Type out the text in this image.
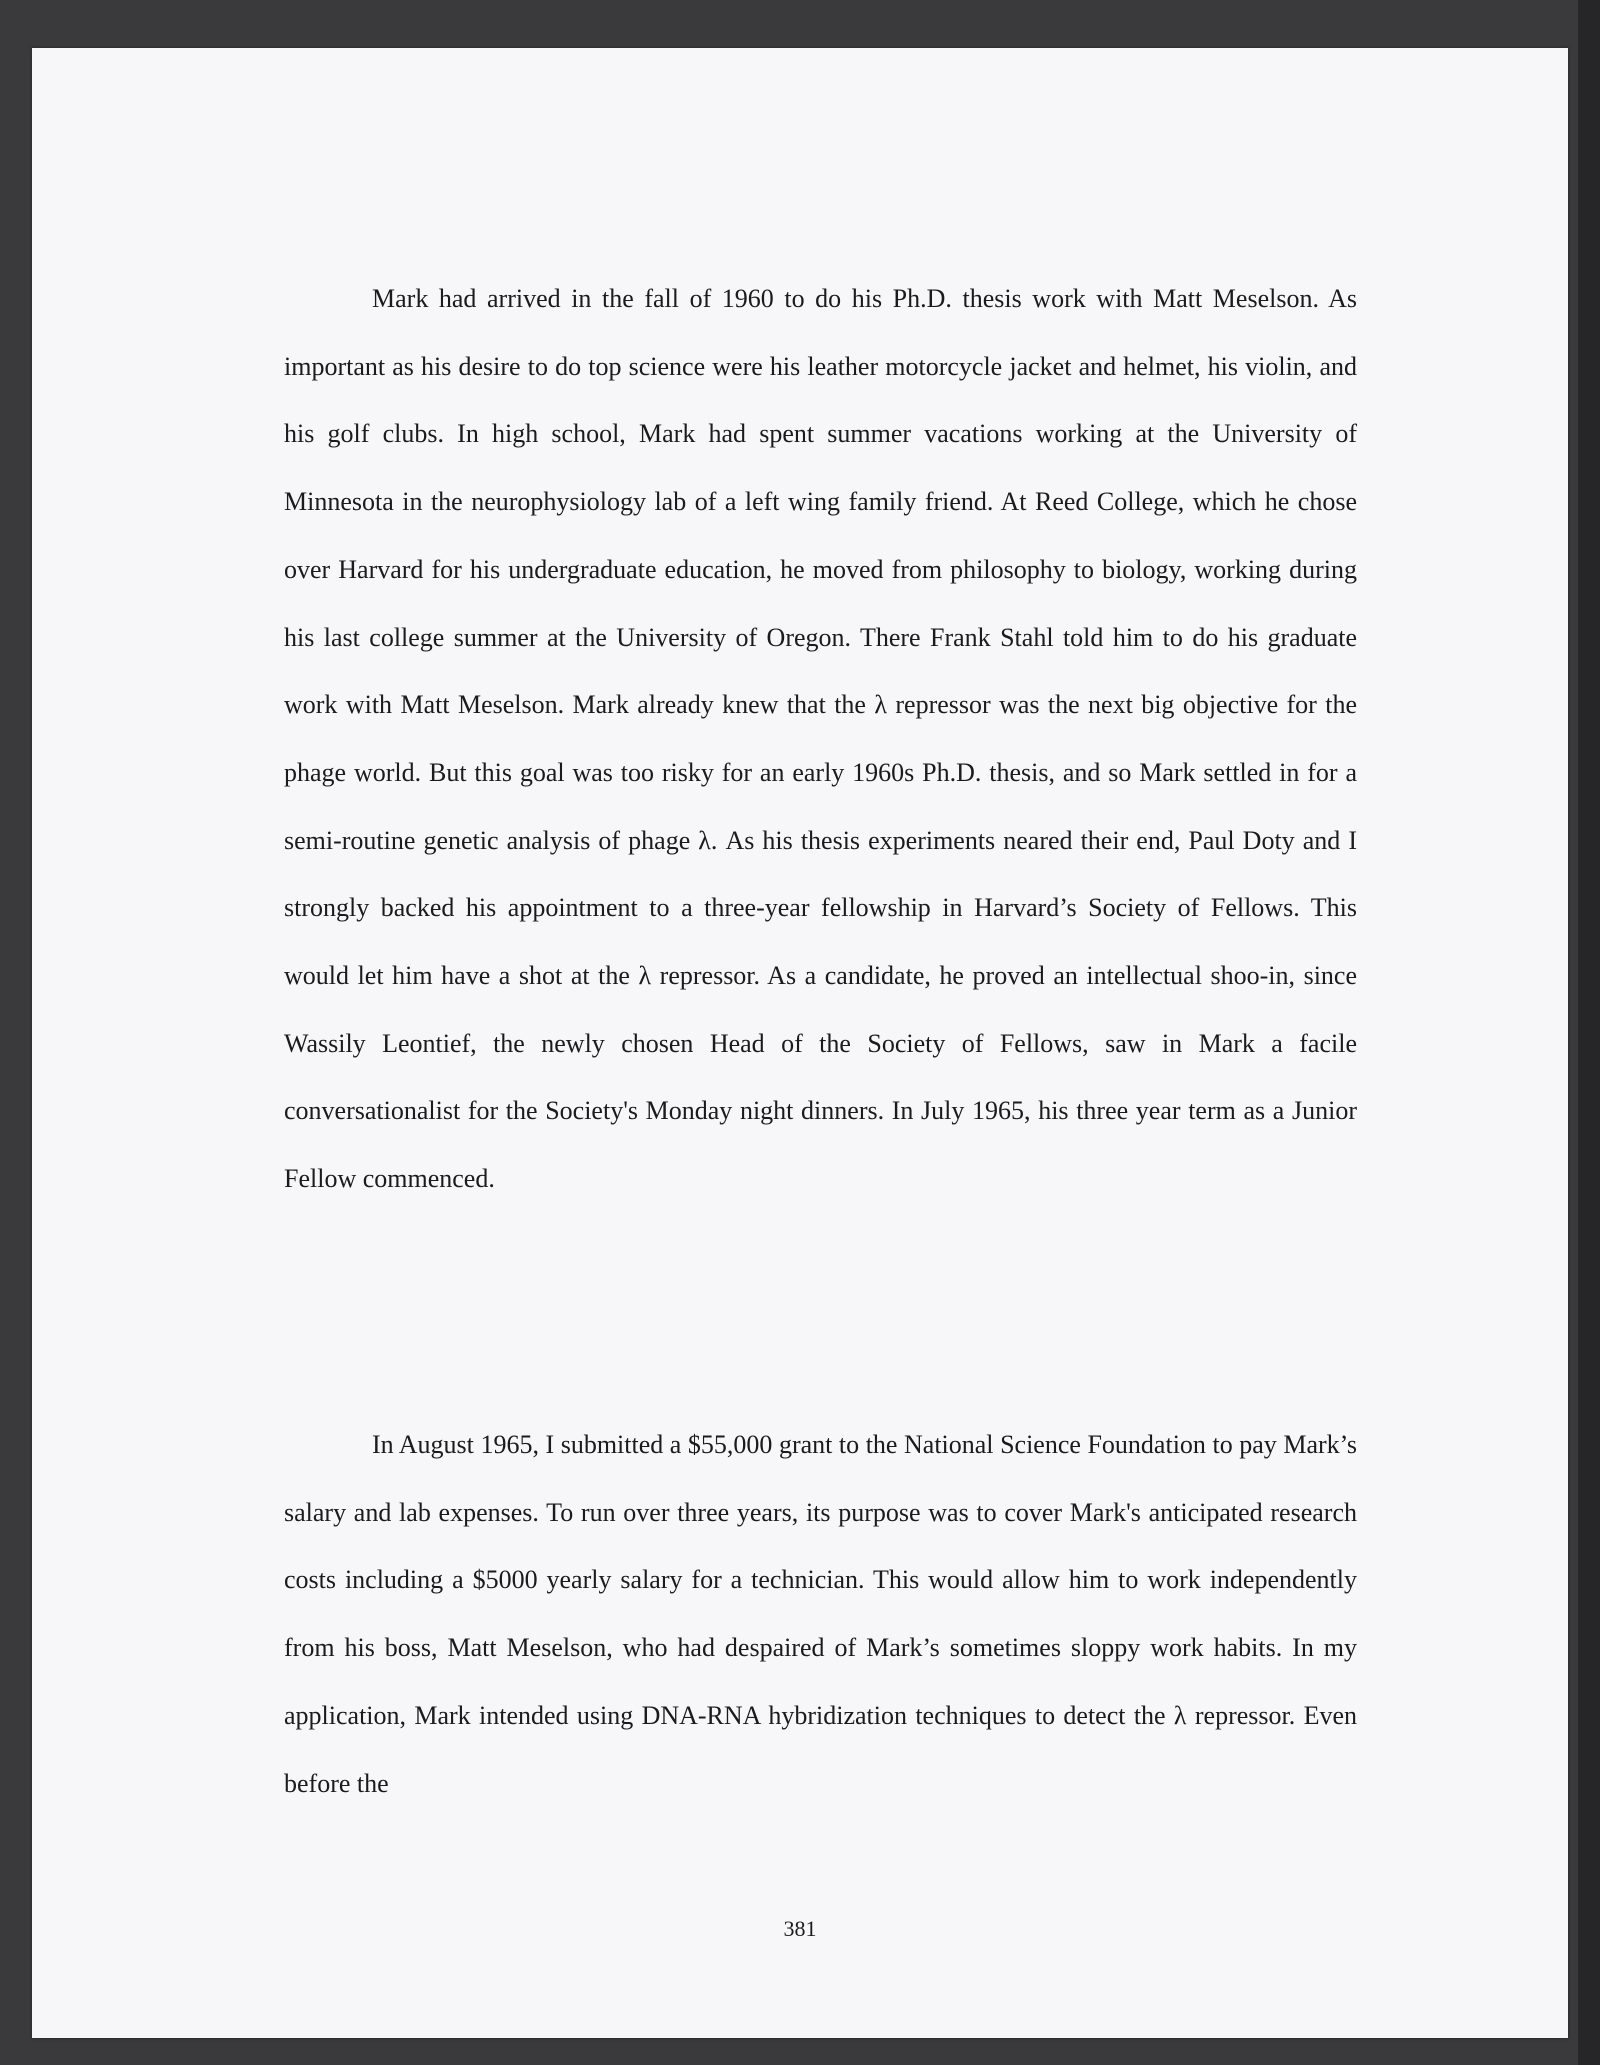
Mark had arrived in the fall of 1960 to do his Ph.D. thesis work with Matt Meselson. As important as his desire to do top science were his leather motorcycle jacket and helmet, his violin, and his golf clubs. In high school, Mark had spent summer vacations working at the University of Minnesota in the neurophysiology lab of a left wing family friend. At Reed College, which he chose over Harvard for his undergraduate education, he moved from philosophy to biology, working during his last college summer at the University of Oregon. There Frank Stahl told him to do his graduate work with Matt Meselson. Mark already knew that the λ repressor was the next big objective for the phage world. But this goal was too risky for an early 1960s Ph.D. thesis, and so Mark settled in for a semi-routine genetic analysis of phage λ. As his thesis experiments neared their end, Paul Doty and I strongly backed his appointment to a three-year fellowship in Harvard’s Society of Fellows. This would let him have a shot at the λ repressor. As a candidate, he proved an intellectual shoo-in, since Wassily Leontief, the newly chosen Head of the Society of Fellows, saw in Mark a facile conversationalist for the Society's Monday night dinners. In July 1965, his three year term as a Junior Fellow commenced.

In August 1965, I submitted a $55,000 grant to the National Science Foundation to pay Mark’s salary and lab expenses. To run over three years, its purpose was to cover Mark's anticipated research costs including a $5000 yearly salary for a technician. This would allow him to work independently from his boss, Matt Meselson, who had despaired of Mark’s sometimes sloppy work habits. In my application, Mark intended using DNA-RNA hybridization techniques to detect the λ repressor. Even before the

381
